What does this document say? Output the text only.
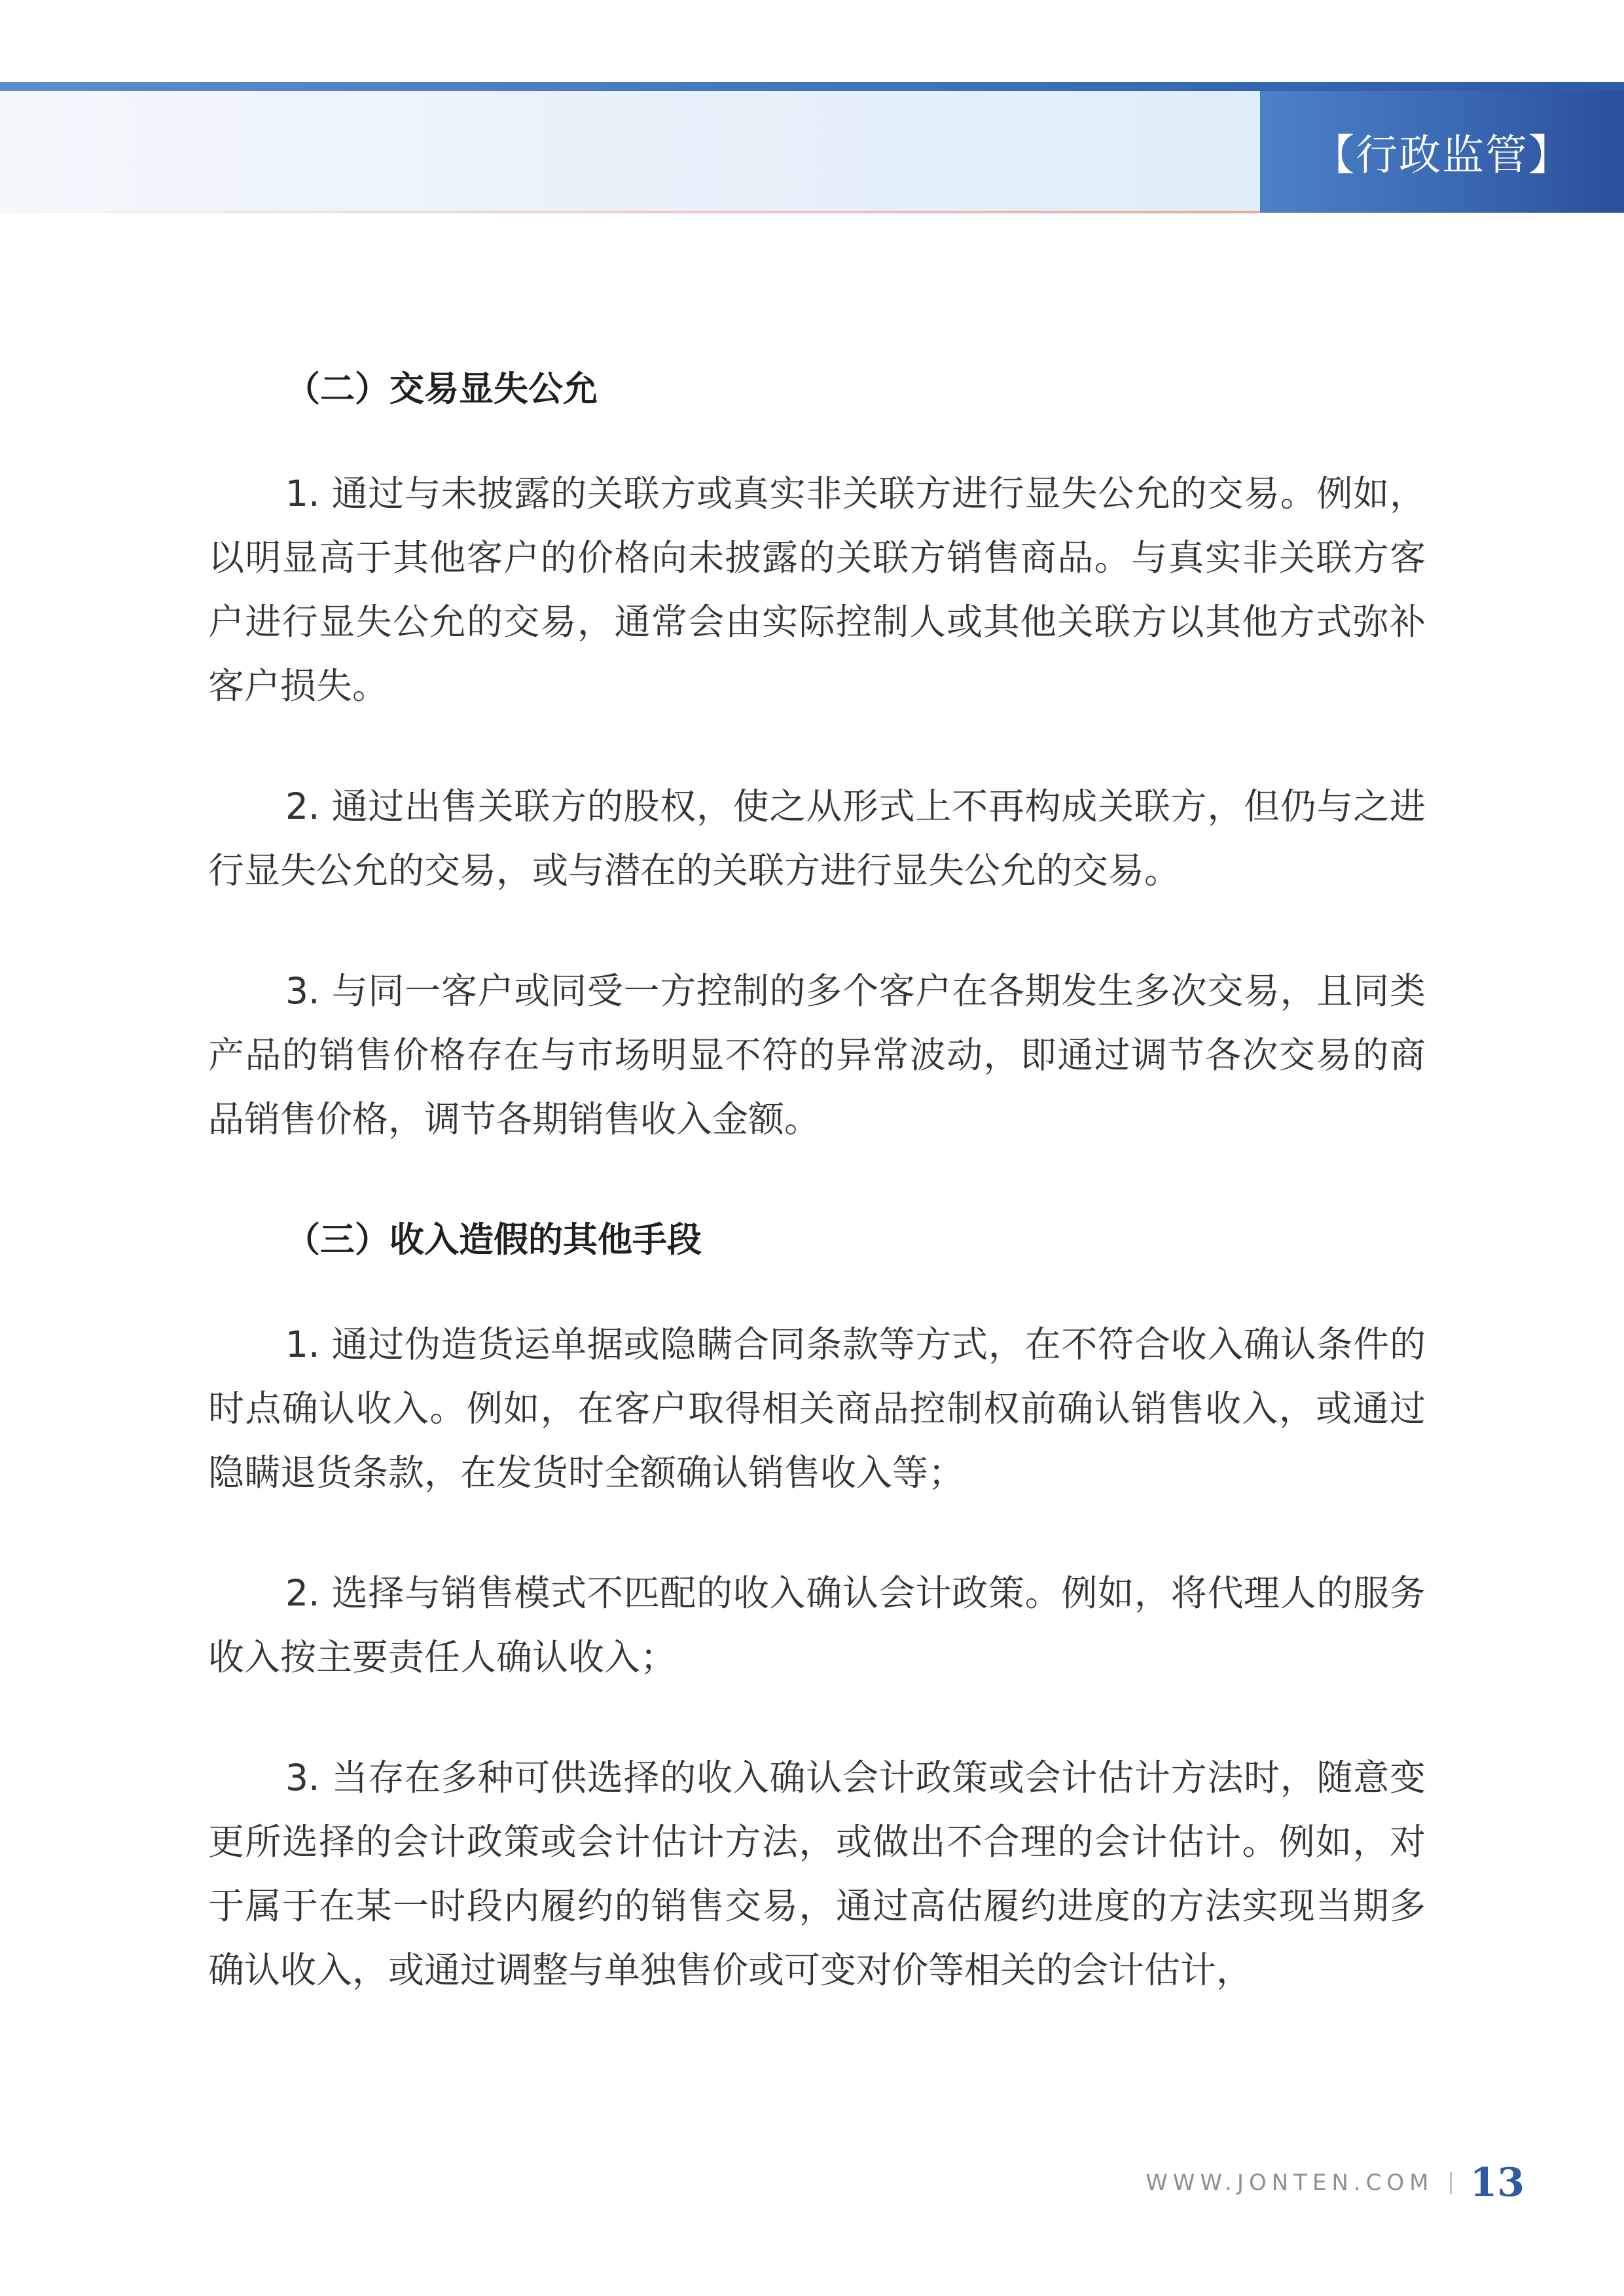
【行政监管】
（二）交易显失公允

1. 通过与未披露的关联方或真实非关联方进行显失公允的交易。例如，以明显高于其他客户的价格向未披露的关联方销售商品。与真实非关联方客户进行显失公允的交易，通常会由实际控制人或其他关联方以其他方式弥补客户损失。

2. 通过出售关联方的股权，使之从形式上不再构成关联方，但仍与之进行显失公允的交易，或与潜在的关联方进行显失公允的交易。

3. 与同一客户或同受一方控制的多个客户在各期发生多次交易，且同类产品的销售价格存在与市场明显不符的异常波动，即通过调节各次交易的商品销售价格，调节各期销售收入金额。

（三）收入造假的其他手段

1. 通过伪造货运单据或隐瞒合同条款等方式，在不符合收入确认条件的时点确认收入。例如，在客户取得相关商品控制权前确认销售收入，或通过隐瞒退货条款，在发货时全额确认销售收入等；

2. 选择与销售模式不匹配的收入确认会计政策。例如，将代理人的服务收入按主要责任人确认收入；

3. 当存在多种可供选择的收入确认会计政策或会计估计方法时，随意变更所选择的会计政策或会计估计方法，或做出不合理的会计估计。例如，对于属于在某一时段内履约的销售交易，通过高估履约进度的方法实现当期多确认收入，或通过调整与单独售价或可变对价等相关的会计估计，

WWW.JONTEN.COM 13
